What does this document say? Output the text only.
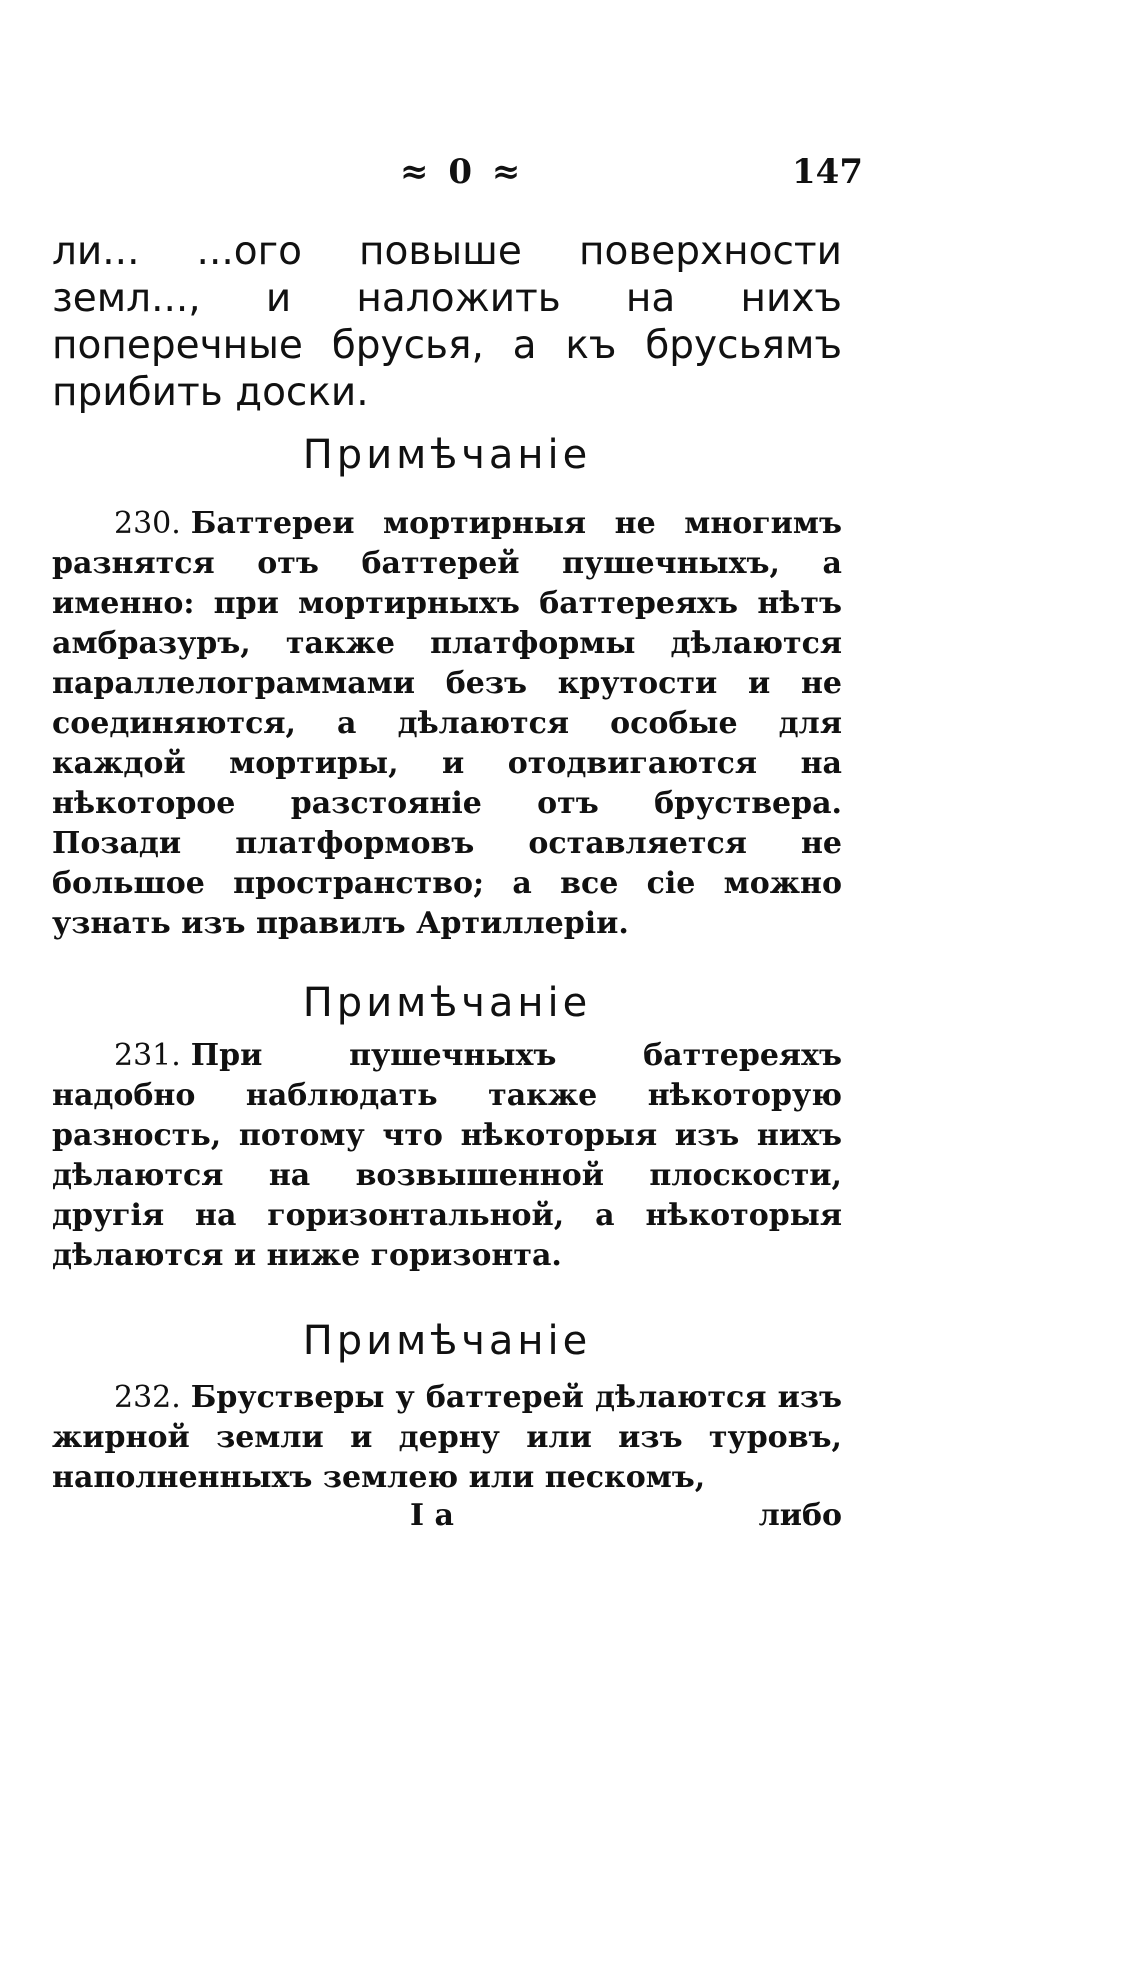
≈ 0 ≈	147

ли... ...ого повыше поверхности земл..., и наложить на нихъ поперечные брусья, а къ брусьямъ прибить доски.

Примѣчаніе

230. Баттереи мортирныя не многимъ разнятся отъ баттерей пушечныхъ, а именно: при мортирныхъ баттереяхъ нѣтъ амбразуръ, также платформы дѣлаются параллелограммами безъ крутости и не соединяются, а дѣлаются особые для каждой мортиры, и отодвигаются на нѣкоторое разстояніе отъ бруствера. Позади платформовъ оставляется не большое пространство; а все сіе можно узнать изъ правилъ Артиллеріи.

Примѣчаніе

231. При пушечныхъ баттереяхъ надобно наблюдать также нѣкоторую разность, потому что нѣкоторыя изъ нихъ дѣлаются на возвышенной плоскости, другія на горизонтальной, а нѣкоторыя дѣлаются и ниже горизонта.

Примѣчаніе

232. Брустверы у баттерей дѣлаются изъ жирной земли и дерну или изъ туровъ, наполненныхъ землею или пескомъ,

I a	либо
